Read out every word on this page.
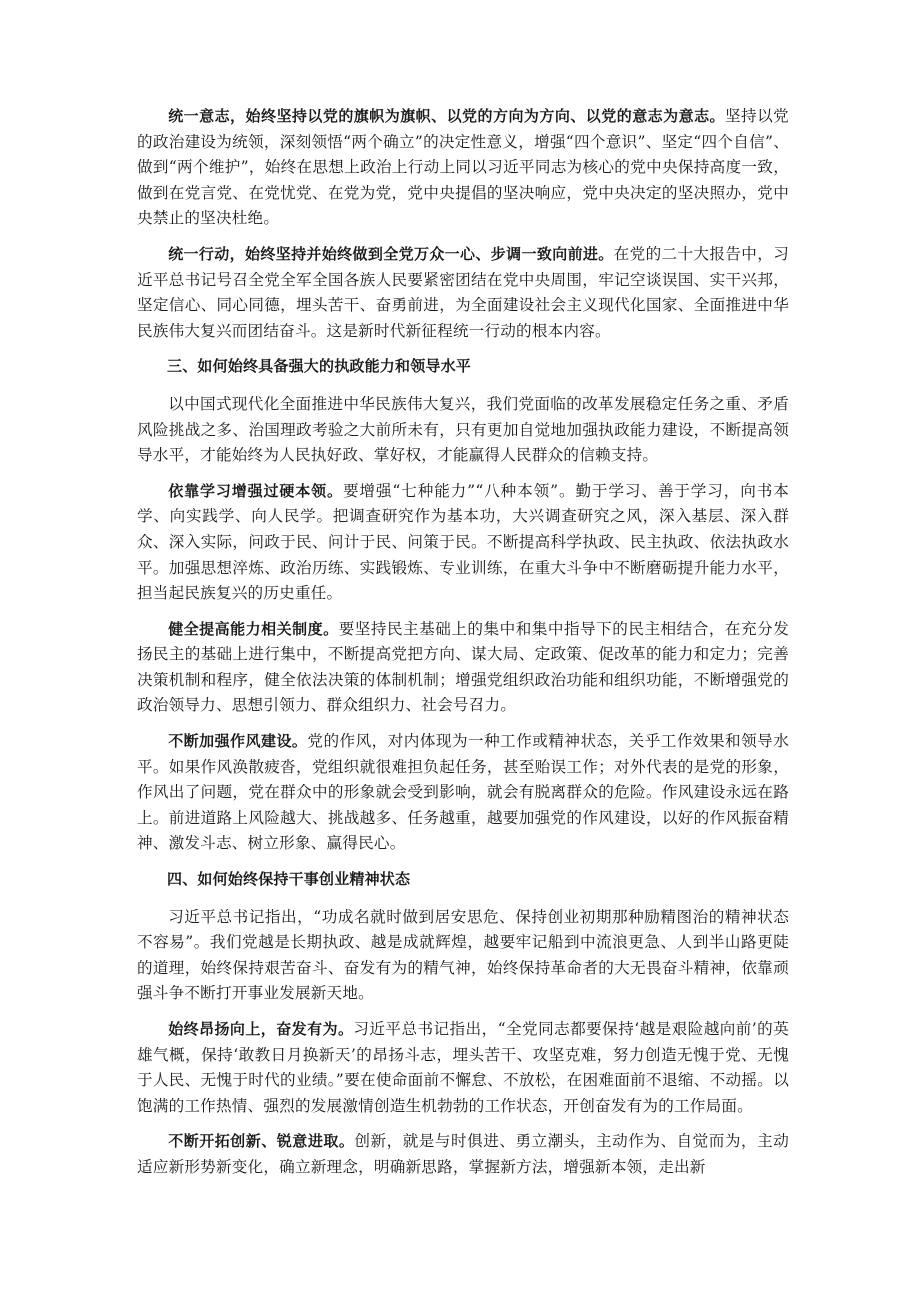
统一意志，始终坚持以党的旗帜为旗帜、以党的方向为方向、以党的意志为意志。坚持以党的政治建设为统领，深刻领悟“两个确立”的决定性意义，增强“四个意识”、坚定“四个自信”、做到“两个维护”，始终在思想上政治上行动上同以习近平同志为核心的党中央保持高度一致，做到在党言党、在党忧党、在党为党，党中央提倡的坚决响应，党中央决定的坚决照办，党中央禁止的坚决杜绝。

统一行动，始终坚持并始终做到全党万众一心、步调一致向前进。在党的二十大报告中，习近平总书记号召全党全军全国各族人民要紧密团结在党中央周围，牢记空谈误国、实干兴邦，坚定信心、同心同德，埋头苦干、奋勇前进，为全面建设社会主义现代化国家、全面推进中华民族伟大复兴而团结奋斗。这是新时代新征程统一行动的根本内容。

三、如何始终具备强大的执政能力和领导水平

以中国式现代化全面推进中华民族伟大复兴，我们党面临的改革发展稳定任务之重、矛盾风险挑战之多、治国理政考验之大前所未有，只有更加自觉地加强执政能力建设，不断提高领导水平，才能始终为人民执好政、掌好权，才能赢得人民群众的信赖支持。

依靠学习增强过硬本领。要增强“七种能力”“八种本领”。勤于学习、善于学习，向书本学、向实践学、向人民学。把调查研究作为基本功，大兴调查研究之风，深入基层、深入群众、深入实际，问政于民、问计于民、问策于民。不断提高科学执政、民主执政、依法执政水平。加强思想淬炼、政治历练、实践锻炼、专业训练，在重大斗争中不断磨砺提升能力水平，担当起民族复兴的历史重任。

健全提高能力相关制度。要坚持民主基础上的集中和集中指导下的民主相结合，在充分发扬民主的基础上进行集中，不断提高党把方向、谋大局、定政策、促改革的能力和定力；完善决策机制和程序，健全依法决策的体制机制；增强党组织政治功能和组织功能，不断增强党的政治领导力、思想引领力、群众组织力、社会号召力。

不断加强作风建设。党的作风，对内体现为一种工作或精神状态，关乎工作效果和领导水平。如果作风涣散疲沓，党组织就很难担负起任务，甚至贻误工作；对外代表的是党的形象，作风出了问题，党在群众中的形象就会受到影响，就会有脱离群众的危险。作风建设永远在路上。前进道路上风险越大、挑战越多、任务越重，越要加强党的作风建设，以好的作风振奋精神、激发斗志、树立形象、赢得民心。

四、如何始终保持干事创业精神状态

习近平总书记指出，“功成名就时做到居安思危、保持创业初期那种励精图治的精神状态不容易”。我们党越是长期执政、越是成就辉煌，越要牢记船到中流浪更急、人到半山路更陡的道理，始终保持艰苦奋斗、奋发有为的精气神，始终保持革命者的大无畏奋斗精神，依靠顽强斗争不断打开事业发展新天地。

始终昂扬向上，奋发有为。习近平总书记指出，“全党同志都要保持‘越是艰险越向前’的英雄气概，保持‘敢教日月换新天’的昂扬斗志，埋头苦干、攻坚克难，努力创造无愧于党、无愧于人民、无愧于时代的业绩。”要在使命面前不懈怠、不放松，在困难面前不退缩、不动摇。以饱满的工作热情、强烈的发展激情创造生机勃勃的工作状态，开创奋发有为的工作局面。

不断开拓创新、锐意进取。创新，就是与时俱进、勇立潮头，主动作为、自觉而为，主动适应新形势新变化，确立新理念，明确新思路，掌握新方法，增强新本领，走出新
